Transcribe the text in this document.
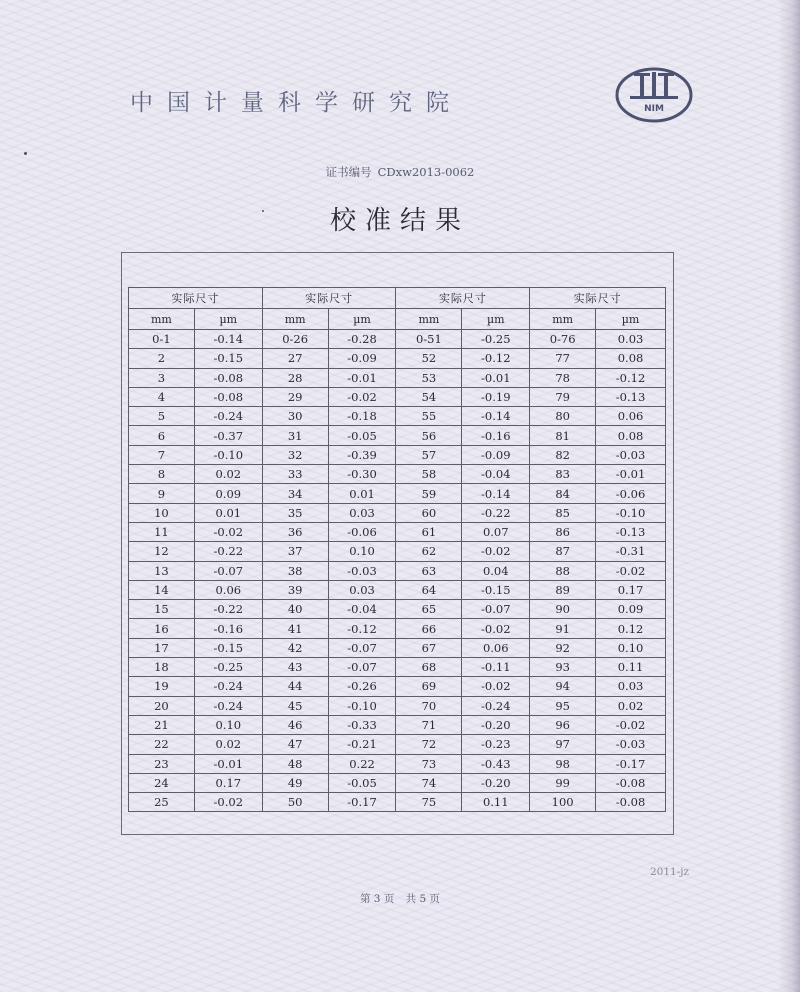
中国计量科学研究院	NIM
证书编号 CDxw2013-0062
校准结果
实际尺寸		实际尺寸		实际尺寸		实际尺寸	
mm	µm	mm	µm	mm	µm	mm	µm
0-1	-0.14	0-26	-0.28	0-51	-0.25	0-76	0.03
2	-0.15	27	-0.09	52	-0.12	77	0.08
3	-0.08	28	-0.01	53	-0.01	78	-0.12
4	-0.08	29	-0.02	54	-0.19	79	-0.13
5	-0.24	30	-0.18	55	-0.14	80	0.06
6	-0.37	31	-0.05	56	-0.16	81	0.08
7	-0.10	32	-0.39	57	-0.09	82	-0.03
8	0.02	33	-0.30	58	-0.04	83	-0.01
9	0.09	34	0.01	59	-0.14	84	-0.06
10	0.01	35	0.03	60	-0.22	85	-0.10
11	-0.02	36	-0.06	61	0.07	86	-0.13
12	-0.22	37	0.10	62	-0.02	87	-0.31
13	-0.07	38	-0.03	63	0.04	88	-0.02
14	0.06	39	0.03	64	-0.15	89	0.17
15	-0.22	40	-0.04	65	-0.07	90	0.09
16	-0.16	41	-0.12	66	-0.02	91	0.12
17	-0.15	42	-0.07	67	0.06	92	0.10
18	-0.25	43	-0.07	68	-0.11	93	0.11
19	-0.24	44	-0.26	69	-0.02	94	0.03
20	-0.24	45	-0.10	70	-0.24	95	0.02
21	0.10	46	-0.33	71	-0.20	96	-0.02
22	0.02	47	-0.21	72	-0.23	97	-0.03
23	-0.01	48	0.22	73	-0.43	98	-0.17
24	0.17	49	-0.05	74	-0.20	99	-0.08
25	-0.02	50	-0.17	75	0.11	100	-0.08
2011-jz
第 3 页 共 5 页
